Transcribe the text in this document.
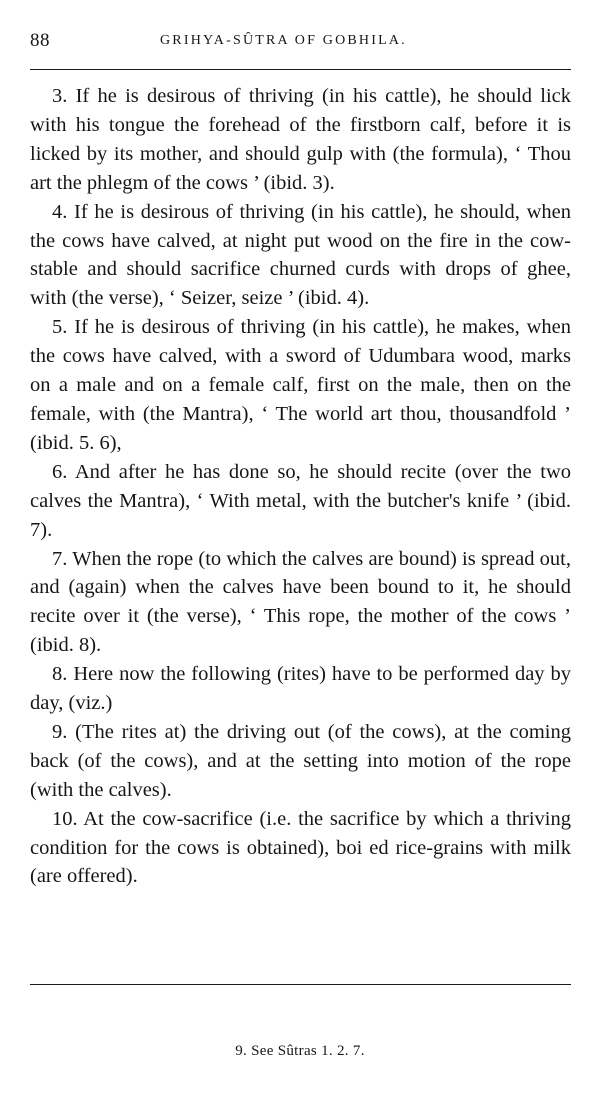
88	GRIHYA-SÛTRA OF GOBHILA.

3. If he is desirous of thriving (in his cattle), he should lick with his tongue the forehead of the firstborn calf, before it is licked by its mother, and should gulp with (the formula), ‘ Thou art the phlegm of the cows ’ (ibid. 3).

4. If he is desirous of thriving (in his cattle), he should, when the cows have calved, at night put wood on the fire in the cow-stable and should sacrifice churned curds with drops of ghee, with (the verse), ‘ Seizer, seize ’ (ibid. 4).

5. If he is desirous of thriving (in his cattle), he makes, when the cows have calved, with a sword of Udumbara wood, marks on a male and on a female calf, first on the male, then on the female, with (the Mantra), ‘ The world art thou, thousandfold ’ (ibid. 5. 6),

6. And after he has done so, he should recite (over the two calves the Mantra), ‘ With metal, with the butcher's knife ’ (ibid. 7).

7. When the rope (to which the calves are bound) is spread out, and (again) when the calves have been bound to it, he should recite over it (the verse), ‘ This rope, the mother of the cows ’ (ibid. 8).

8. Here now the following (rites) have to be performed day by day, (viz.)

9. (The rites at) the driving out (of the cows), at the coming back (of the cows), and at the setting into motion of the rope (with the calves).

10. At the cow-sacrifice (i.e. the sacrifice by which a thriving condition for the cows is obtained), boi ed rice-grains with milk (are offered).

9. See Sûtras 1. 2. 7.
